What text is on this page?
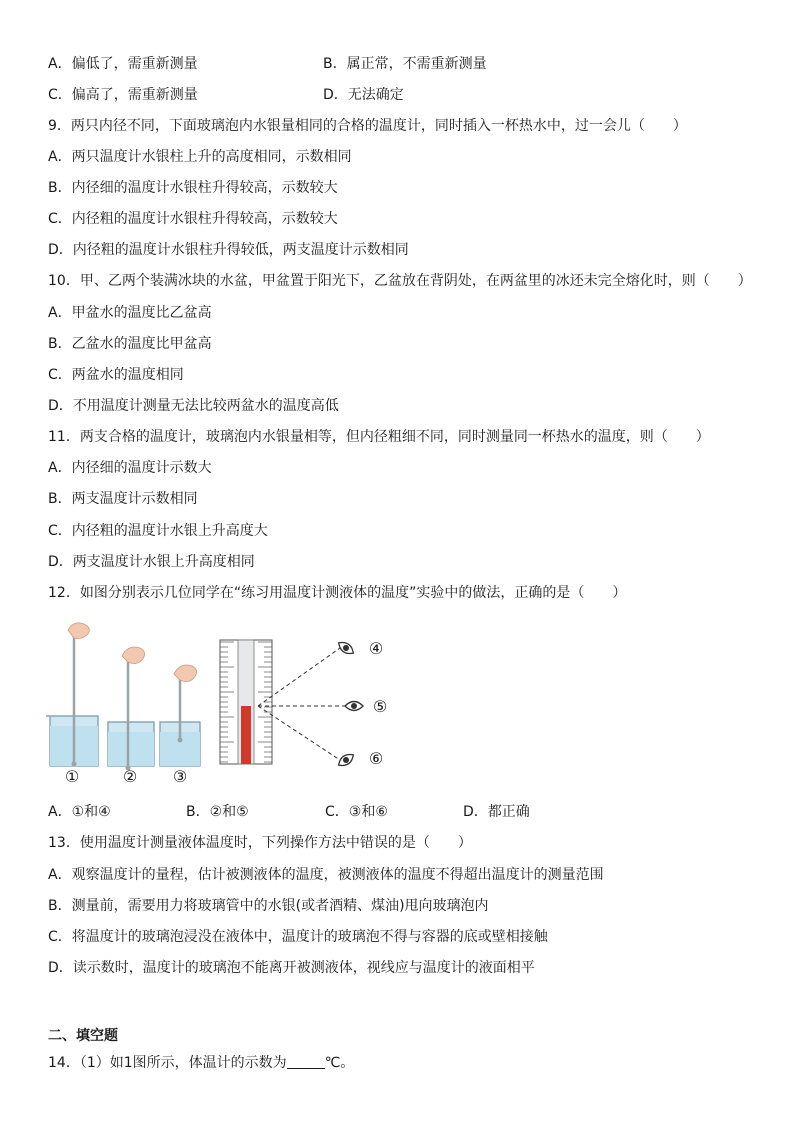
A．偏低了，需重新测量	B．属正常，不需重新测量
C．偏高了，需重新测量	D．无法确定
9．两只内径不同，下面玻璃泡内水银量相同的合格的温度计，同时插入一杯热水中，过一会儿（　　）
A．两只温度计水银柱上升的高度相同，示数相同
B．内径细的温度计水银柱升得较高，示数较大
C．内径粗的温度计水银柱升得较高，示数较大
D．内径粗的温度计水银柱升得较低，两支温度计示数相同
10．甲、乙两个装满冰块的水盆，甲盆置于阳光下，乙盆放在背阴处，在两盆里的冰还未完全熔化时，则（　　）
A．甲盆水的温度比乙盆高
B．乙盆水的温度比甲盆高
C．两盆水的温度相同
D．不用温度计测量无法比较两盆水的温度高低
11．两支合格的温度计，玻璃泡内水银量相等，但内径粗细不同，同时测量同一杯热水的温度，则（　　）
A．内径细的温度计示数大
B．两支温度计示数相同
C．内径粗的温度计水银上升高度大
D．两支温度计水银上升高度相同
12．如图分别表示几位同学在“练习用温度计测液体的温度”实验中的做法，正确的是（　　）
①	② ③
④
⑤
⑥
A．①和④	B．②和⑤	C．③和⑥	D．都正确
13．使用温度计测量液体温度时，下列操作方法中错误的是（　　）
A．观察温度计的量程，估计被测液体的温度，被测液体的温度不得超出温度计的测量范围
B．测量前，需要用力将玻璃管中的水银(或者酒精、煤油)甩向玻璃泡内
C．将温度计的玻璃泡浸没在液体中，温度计的玻璃泡不得与容器的底或壁相接触
D．读示数时，温度计的玻璃泡不能离开被测液体，视线应与温度计的液面相平
二、填空题
14．（1）如1图所示，体温计的示数为	℃。
